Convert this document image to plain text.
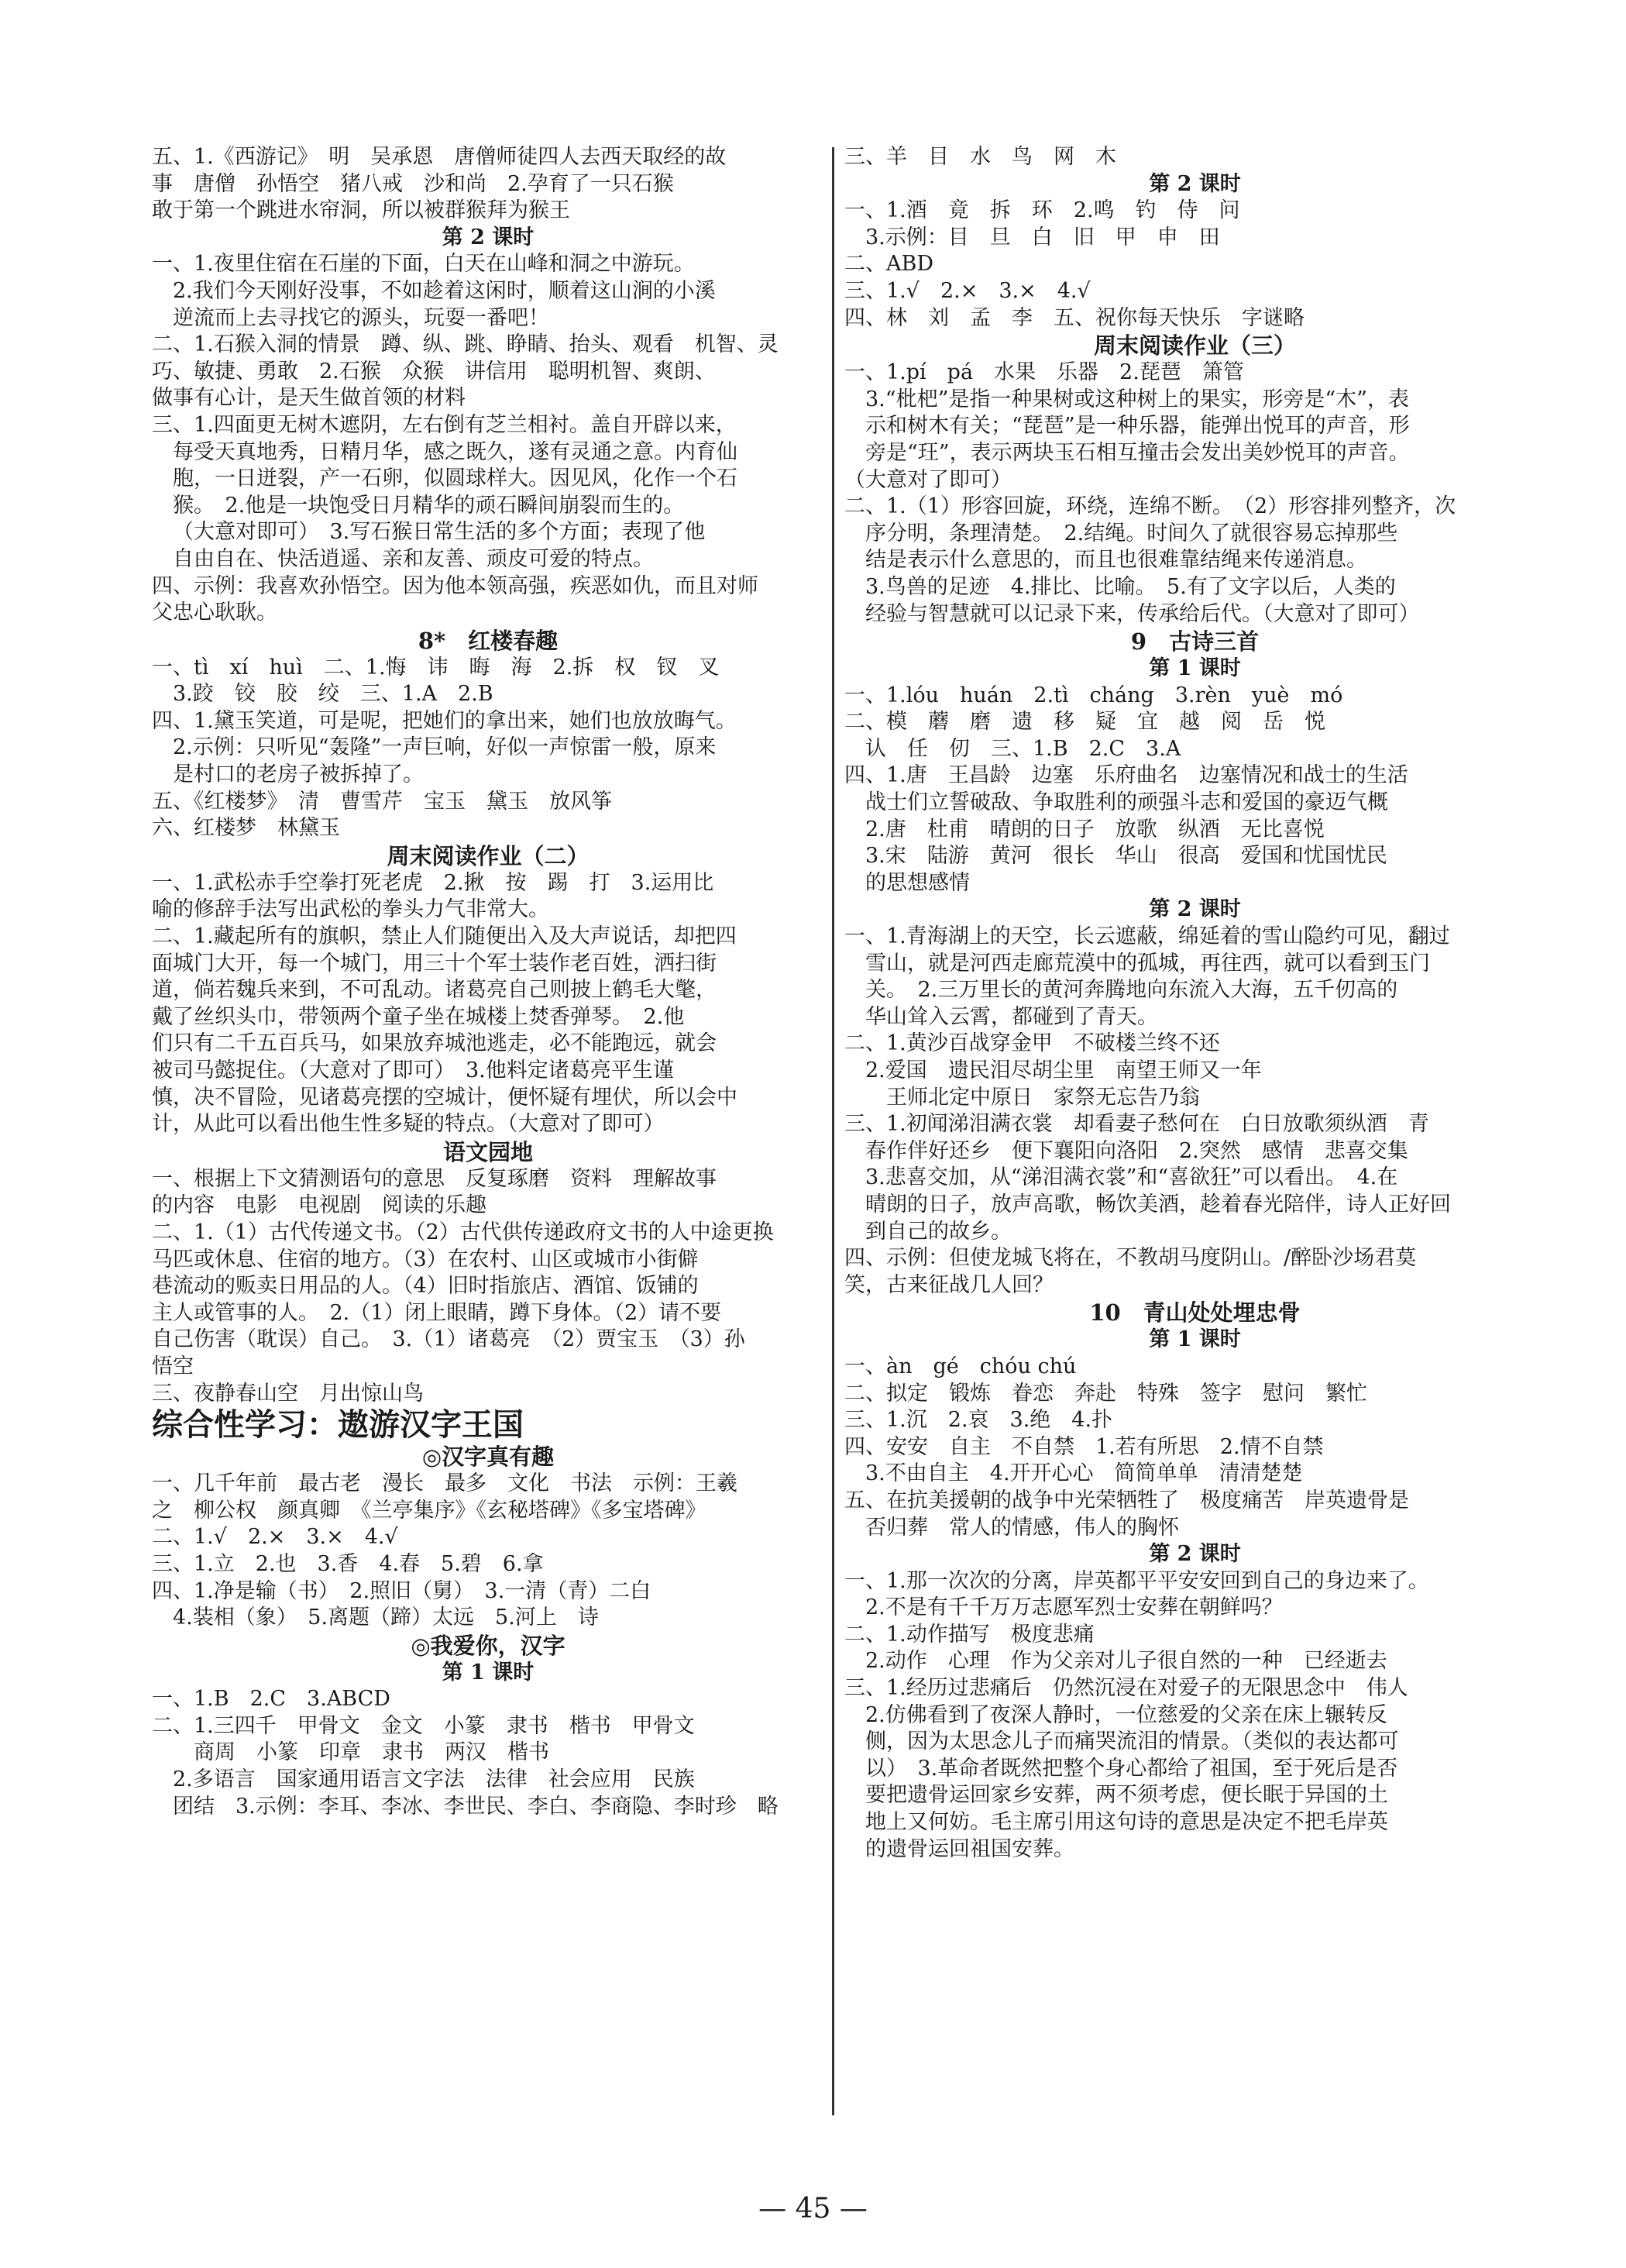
五、1.《西游记》　明　吴承恩　唐僧师徒四人去西天取经的故
事　唐僧　孙悟空　猪八戒　沙和尚　2.孕育了一只石猴
敢于第一个跳进水帘洞，所以被群猴拜为猴王
第 2 课时
一、1.夜里住宿在石崖的下面，白天在山峰和洞之中游玩。
2.我们今天刚好没事，不如趁着这闲时，顺着这山涧的小溪
逆流而上去寻找它的源头，玩耍一番吧！
二、1.石猴入洞的情景　蹲、纵、跳、睁睛、抬头、观看　机智、灵
巧、敏捷、勇敢　2.石猴　众猴　讲信用　聪明机智、爽朗、
做事有心计，是天生做首领的材料
三、1.四面更无树木遮阴，左右倒有芝兰相衬。盖自开辟以来，
每受天真地秀，日精月华，感之既久，遂有灵通之意。内育仙
胞，一日迸裂，产一石卵，似圆球样大。因见风，化作一个石
猴。　2.他是一块饱受日月精华的顽石瞬间崩裂而生的。
（大意对即可）　3.写石猴日常生活的多个方面；表现了他
自由自在、快活逍遥、亲和友善、顽皮可爱的特点。
四、示例：我喜欢孙悟空。因为他本领高强，疾恶如仇，而且对师
父忠心耿耿。
8*　红楼春趣
一、tì　xí　huì　二、1.悔　讳　晦　海　2.拆　权　钗　叉
3.跤　铰　胶　绞　三、1.A　2.B
四、1.黛玉笑道，可是呢，把她们的拿出来，她们也放放晦气。
2.示例：只听见“轰隆”一声巨响，好似一声惊雷一般，原来
是村口的老房子被拆掉了。
五、《红楼梦》　清　曹雪芹　宝玉　黛玉　放风筝
六、红楼梦　林黛玉
周末阅读作业（二）
一、1.武松赤手空拳打死老虎　2.揪　按　踢　打　3.运用比
喻的修辞手法写出武松的拳头力气非常大。
二、1.藏起所有的旗帜，禁止人们随便出入及大声说话，却把四
面城门大开，每一个城门，用三十个军士装作老百姓，洒扫街
道，倘若魏兵来到，不可乱动。诸葛亮自己则披上鹤毛大氅，
戴了丝织头巾，带领两个童子坐在城楼上焚香弹琴。　2.他
们只有二千五百兵马，如果放弃城池逃走，必不能跑远，就会
被司马懿捉住。（大意对了即可）　3.他料定诸葛亮平生谨
慎，决不冒险，见诸葛亮摆的空城计，便怀疑有埋伏，所以会中
计，从此可以看出他生性多疑的特点。（大意对了即可）
语文园地
一、根据上下文猜测语句的意思　反复琢磨　资料　理解故事
的内容　电影　电视剧　阅读的乐趣
二、1.（1）古代传递文书。（2）古代供传递政府文书的人中途更换
马匹或休息、住宿的地方。（3）在农村、山区或城市小街僻
巷流动的贩卖日用品的人。（4）旧时指旅店、酒馆、饭铺的
主人或管事的人。　2.（1）闭上眼睛，蹲下身体。（2）请不要
自己伤害（耽误）自己。　3.（1）诸葛亮　（2）贾宝玉　（3）孙
悟空
三、夜静春山空　月出惊山鸟
综合性学习：遨游汉字王国
◎汉字真有趣
一、几千年前　最古老　漫长　最多　文化　书法　示例：王羲
之　柳公权　颜真卿　《兰亭集序》《玄秘塔碑》《多宝塔碑》
二、1.√　2.×　3.×　4.√
三、1.立　2.也　3.香　4.春　5.碧　6.拿
四、1.净是输（书）　2.照旧（舅）　3.一清（青）二白
4.装相（象）　5.离题（蹄）太远　5.河上　诗
◎我爱你，汉字
第 1 课时
一、1.B　2.C　3.ABCD
二、1.三四千　甲骨文　金文　小篆　隶书　楷书　甲骨文
商周　小篆　印章　隶书　两汉　楷书
2.多语言　国家通用语言文字法　法律　社会应用　民族
团结　3.示例：李耳、李冰、李世民、李白、李商隐、李时珍　略
三、羊　目　水　鸟　网　木
第 2 课时
一、1.酒　竟　拆　环　2.鸣　钓　侍　问
3.示例：目　旦　白　旧　甲　申　田
二、ABD
三、1.√　2.×　3.×　4.√
四、林　刘　孟　李　五、祝你每天快乐　字谜略
周末阅读作业（三）
一、1.pí　pá　水果　乐器　2.琵琶　箫管
3.“枇杷”是指一种果树或这种树上的果实，形旁是“木”，表
示和树木有关；“琵琶”是一种乐器，能弹出悦耳的声音，形
旁是“玨”，表示两块玉石相互撞击会发出美妙悦耳的声音。
（大意对了即可）
二、1.（1）形容回旋，环绕，连绵不断。　（2）形容排列整齐，次
序分明，条理清楚。　2.结绳。时间久了就很容易忘掉那些
结是表示什么意思的，而且也很难靠结绳来传递消息。
3.鸟兽的足迹　4.排比、比喻。　5.有了文字以后，人类的
经验与智慧就可以记录下来，传承给后代。（大意对了即可）
9　古诗三首
第 1 课时
一、1.lóu　huán　2.tì　cháng　3.rèn　yuè　mó
二、模　蘑　磨　遗　移　疑　宜　越　阅　岳　悦
认　任　仞　三、1.B　2.C　3.A
四、1.唐　王昌龄　边塞　乐府曲名　边塞情况和战士的生活
战士们立誓破敌、争取胜利的顽强斗志和爱国的豪迈气概
2.唐　杜甫　晴朗的日子　放歌　纵酒　无比喜悦
3.宋　陆游　黄河　很长　华山　很高　爱国和忧国忧民
的思想感情
第 2 课时
一、1.青海湖上的天空，长云遮蔽，绵延着的雪山隐约可见，翻过
雪山，就是河西走廊荒漠中的孤城，再往西，就可以看到玉门
关。　2.三万里长的黄河奔腾地向东流入大海，五千仞高的
华山耸入云霄，都碰到了青天。
二、1.黄沙百战穿金甲　不破楼兰终不还
2.爱国　遗民泪尽胡尘里　南望王师又一年
王师北定中原日　家祭无忘告乃翁
三、1.初闻涕泪满衣裳　却看妻子愁何在　白日放歌须纵酒　青
春作伴好还乡　便下襄阳向洛阳　2.突然　感情　悲喜交集
3.悲喜交加，从“涕泪满衣裳”和“喜欲狂”可以看出。　4.在
晴朗的日子，放声高歌，畅饮美酒，趁着春光陪伴，诗人正好回
到自己的故乡。
四、示例：但使龙城飞将在，不教胡马度阴山。/醉卧沙场君莫
笑，古来征战几人回？
10　青山处处埋忠骨
第 1 课时
一、àn　gé　chóu chú
二、拟定　锻炼　眷恋　奔赴　特殊　签字　慰问　繁忙
三、1.沉　2.哀　3.绝　4.扑
四、安安　自主　不自禁　1.若有所思　2.情不自禁
3.不由自主　4.开开心心　简简单单　清清楚楚
五、在抗美援朝的战争中光荣牺牲了　极度痛苦　岸英遗骨是
否归葬　常人的情感，伟人的胸怀
第 2 课时
一、1.那一次次的分离，岸英都平平安安回到自己的身边来了。
2.不是有千千万万志愿军烈士安葬在朝鲜吗？
二、1.动作描写　极度悲痛
2.动作　心理　作为父亲对儿子很自然的一种　已经逝去
三、1.经历过悲痛后　仍然沉浸在对爱子的无限思念中　伟人
2.仿佛看到了夜深人静时，一位慈爱的父亲在床上辗转反
侧，因为太思念儿子而痛哭流泪的情景。（类似的表达都可
以）　3.革命者既然把整个身心都给了祖国，至于死后是否
要把遗骨运回家乡安葬，两不须考虑，便长眠于异国的土
地上又何妨。毛主席引用这句诗的意思是决定不把毛岸英
的遗骨运回祖国安葬。
— 45 —
